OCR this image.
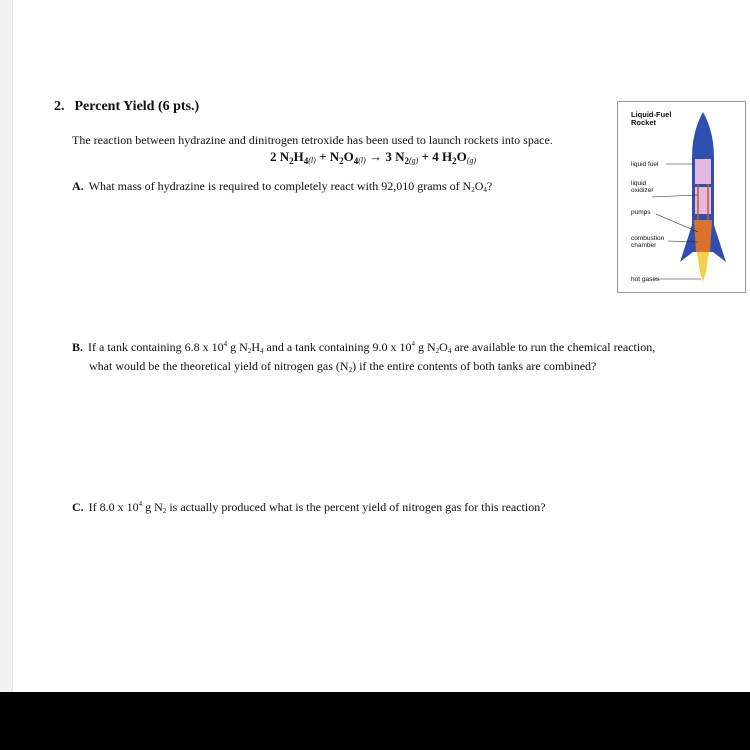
2. Percent Yield (6 pts.)
The reaction between hydrazine and dinitrogen tetroxide has been used to launch rockets into space.
2 $N_2H_{4(l)} + N_2O_{4(l)} \to 3$ $N_{2(g)} + 4$ $H_2O_{(g)}$
A. What mass of hydrazine is required to completely react with 92,010 grams of $N_2O_4$?
B. If a tank containing 6.8 x $10^4$ g $N_2H_4$ and a tank containing 9.0 x $10^4$ g $N_2O_4$ are available to run the chemical reaction,
what would be the theoretical yield of nitrogen gas $(N_2)$ if the entire contents of both tanks are combined?
C. If 8.0 x $10^4$ g $N_2$ is actually produced what is the percent yield of nitrogen gas for this reaction?
Liquid-Fuel
Rocket
liquid fuel
liquid
oxidizer
pumps
combustion
chamber
hot gases
